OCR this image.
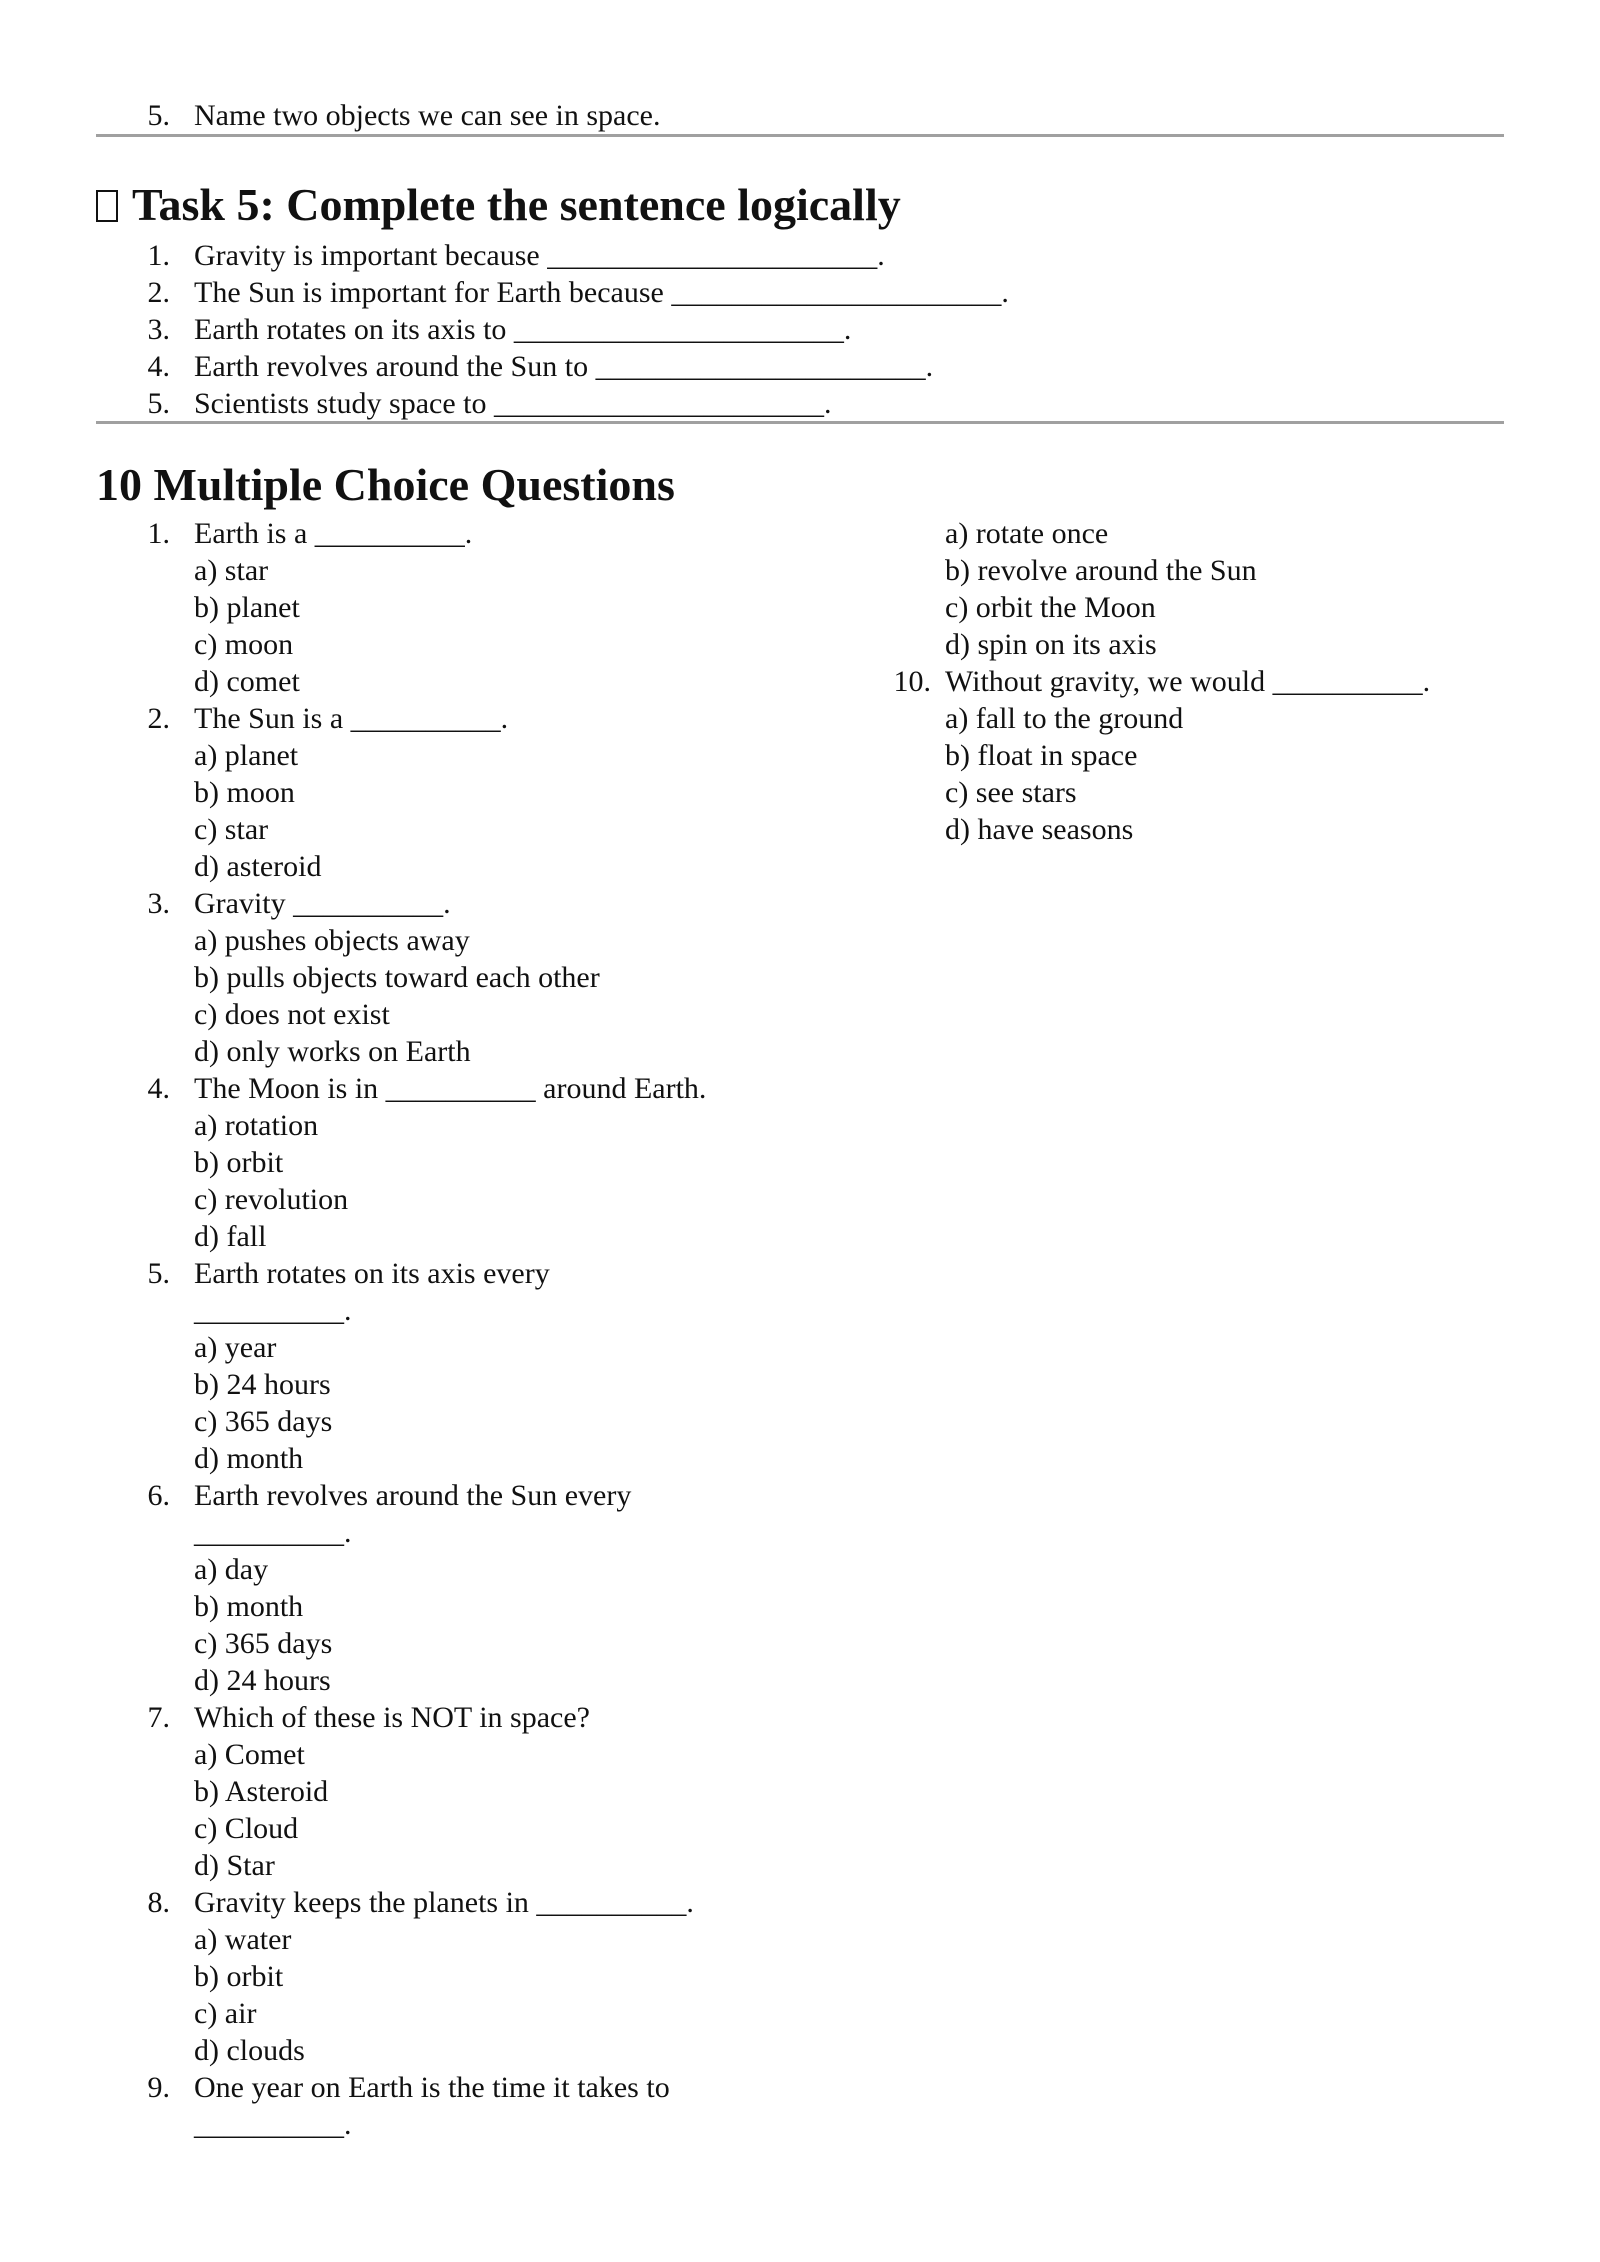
5. Name two objects we can see in space.
Task 5: Complete the sentence logically
1. Gravity is important because ______________________.
2. The Sun is important for Earth because ______________________.
3. Earth rotates on its axis to ______________________.
4. Earth revolves around the Sun to ______________________.
5. Scientists study space to ______________________.
10 Multiple Choice Questions
1. Earth is a __________.
a) star
b) planet
c) moon
d) comet
2. The Sun is a __________.
a) planet
b) moon
c) star
d) asteroid
3. Gravity __________.
a) pushes objects away
b) pulls objects toward each other
c) does not exist
d) only works on Earth
4. The Moon is in __________ around Earth.
a) rotation
b) orbit
c) revolution
d) fall
5. Earth rotates on its axis every
__________.
a) year
b) 24 hours
c) 365 days
d) month
6. Earth revolves around the Sun every
__________.
a) day
b) month
c) 365 days
d) 24 hours
7. Which of these is NOT in space?
a) Comet
b) Asteroid
c) Cloud
d) Star
8. Gravity keeps the planets in __________.
a) water
b) orbit
c) air
d) clouds
9. One year on Earth is the time it takes to
__________.
a) rotate once
b) revolve around the Sun
c) orbit the Moon
d) spin on its axis
10. Without gravity, we would __________.
a) fall to the ground
b) float in space
c) see stars
d) have seasons
